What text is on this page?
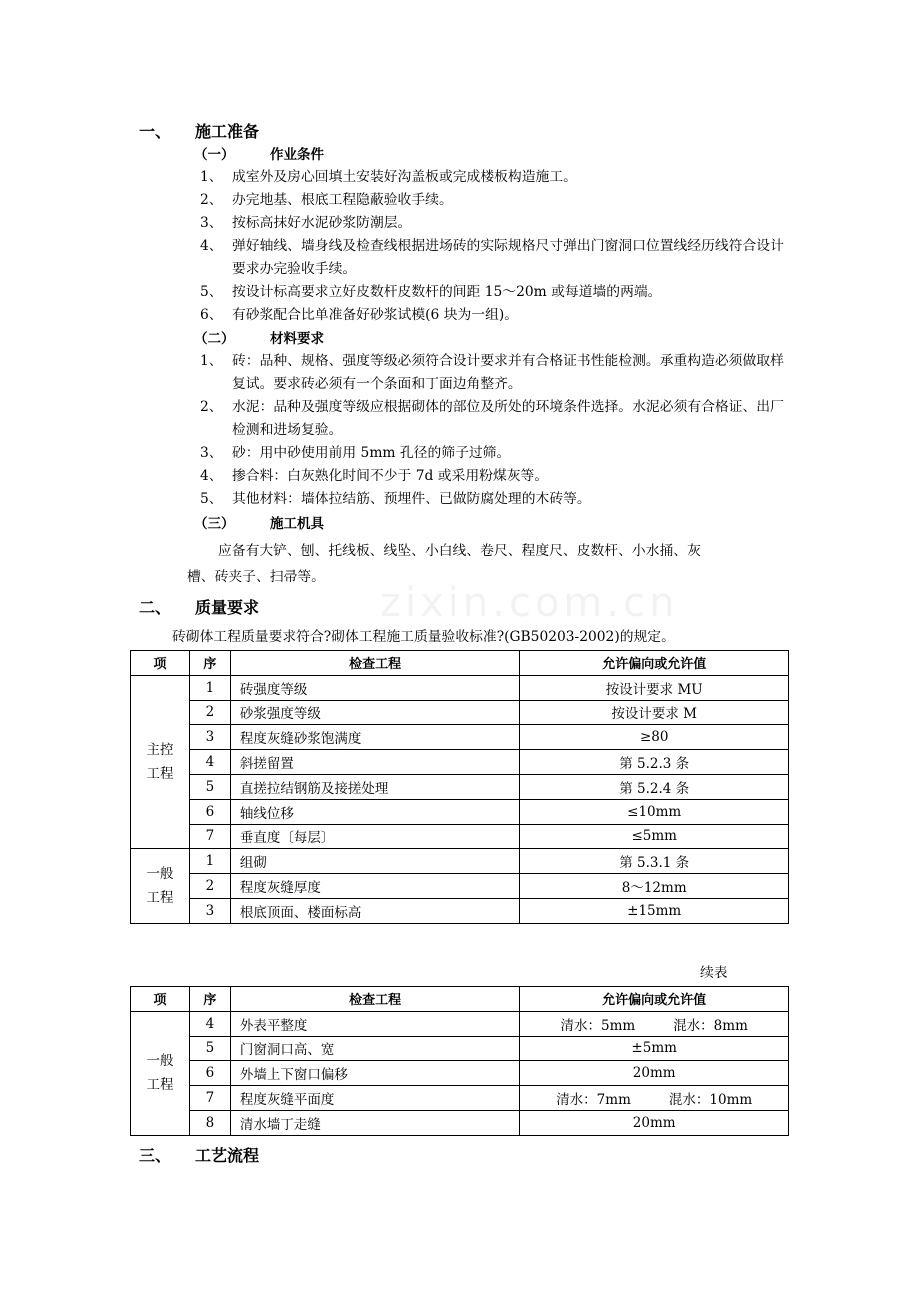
zixin.com.cn
一、 施工准备
（一）	作业条件
1、 成室外及房心回填土安装好沟盖板或完成楼板构造施工。
2、 办完地基、根底工程隐蔽验收手续。
3、 按标高抹好水泥砂浆防潮层。
4、 弹好轴线、墙身线及检查线根据进场砖的实际规格尺寸弹出门窗洞口位置线经历线符合设计要求办完验收手续。
5、 按设计标高要求立好皮数杆皮数杆的间距 15～20m 或每道墙的两端。
6、 有砂浆配合比单准备好砂浆试模(6 块为一组)。
（二）	材料要求
1、 砖：品种、规格、强度等级必须符合设计要求并有合格证书性能检测。承重构造必须做取样复试。要求砖必须有一个条面和丁面边角整齐。
2、 水泥：品种及强度等级应根据砌体的部位及所处的环境条件选择。水泥必须有合格证、出厂检测和进场复验。
3、 砂：用中砂使用前用 5mm 孔径的筛子过筛。
4、 掺合料：白灰熟化时间不少于 7d 或采用粉煤灰等。
5、 其他材料：墙体拉结筋、预埋件、已做防腐处理的木砖等。
（三）	施工机具
应备有大铲、刨、托线板、线坠、小白线、卷尺、程度尺、皮数杆、小水捅、灰
槽、砖夹子、扫帚等。
二、 质量要求
砖砌体工程质量要求符合?砌体工程施工质量验收标准?(GB50203-2002)的规定。
项	序	检查工程	允许偏向或允许值
主控工程	1	砖强度等级	按设计要求 MU
	2	砂浆强度等级	按设计要求 M
	3	程度灰缝砂浆饱满度	≥80
	4	斜搓留置	第 5.2.3 条
	5	直搓拉结钢筋及接搓处理	第 5.2.4 条
	6	轴线位移	≤10mm
	7	垂直度〔每层〕	≤5mm
一般工程	1	组砌	第 5.3.1 条
	2	程度灰缝厚度	8～12mm
	3	根底顶面、楼面标高	±15mm
续表
项	序	检查工程	允许偏向或允许值
一般工程	4	外表平整度	清水：5mm 混水：8mm
	5	门窗洞口高、宽	±5mm
	6	外墙上下窗口偏移	20mm
	7	程度灰缝平面度	清水：7mm 混水：10mm
	8	清水墙丁走缝	20mm
三、 工艺流程
